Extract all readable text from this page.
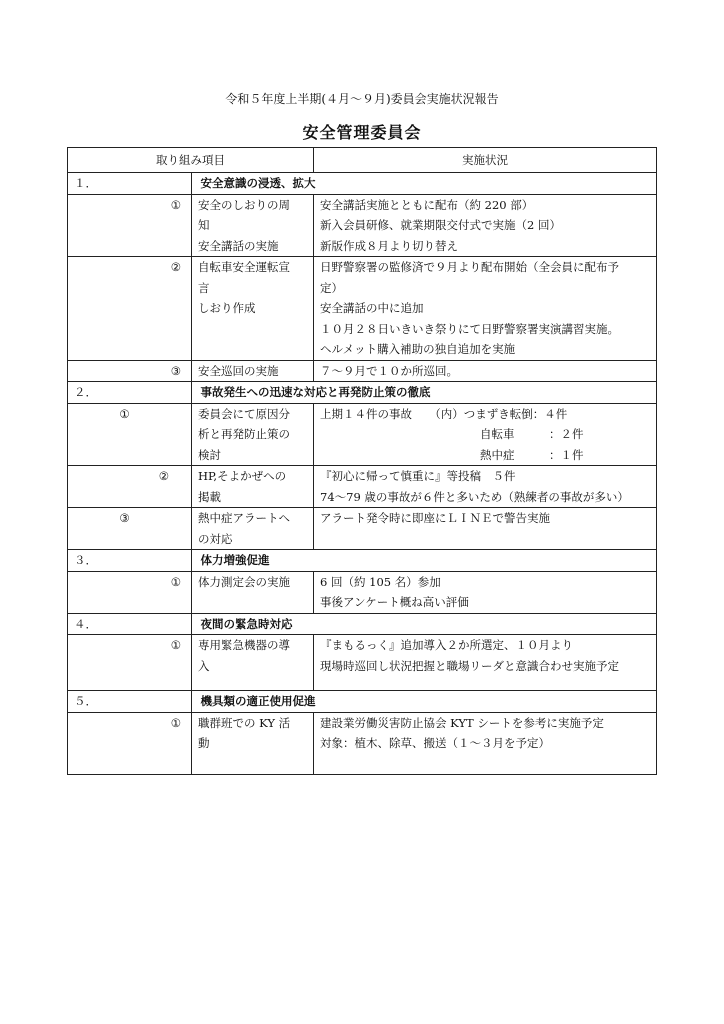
令和５年度上半期(４月～９月)委員会実施状況報告
安全管理委員会
取り組み項目		実施状況
１．		安全意識の浸透、拡大
①	安全のしおりの周
知
安全講話の実施	安全講話実施とともに配布（約 220 部）
新入会員研修、就業期限交付式で実施（2 回）
新版作成８月より切り替え

②	自転車安全運転宣
言
しおり作成	日野警察署の監修済で９月より配布開始（全会員に配布予
定）
安全講話の中に追加
１０月２８日いきいき祭りにて日野警察署実演講習実施。
ヘルメット購入補助の独自追加を実施

③	安全巡回の実施	７～９月で１０か所巡回。

２．		事故発生への迅速な対応と再発防止策の徹底
①	委員会にて原因分
析と再発防止策の
検討	上期１４件の事故　　（内）つまずき転倒：４件
自転車　　　：２件
熱中症　　　：１件

②	HP,そよかぜへの
掲載	『初心に帰って慎重に』等投稿　５件
74～79 歳の事故が６件と多いため（熟練者の事故が多い）

③	熱中症アラートへ
の対応	アラート発令時に即座にＬＩＮＥで警告実施

３．		体力増強促進
①	体力測定会の実施	6 回（約 105 名）参加
事後アンケート概ね高い評価

４．		夜間の緊急時対応
①	専用緊急機器の導
入	『まもるっく』追加導入２か所選定、１０月より
現場時巡回し状況把握と職場リーダと意識合わせ実施予定

５．		機具類の適正使用促進
①	職群班での KY 活
動	建設業労働災害防止協会 KYT シートを参考に実施予定
対象：植木、除草、搬送（１～３月を予定）
